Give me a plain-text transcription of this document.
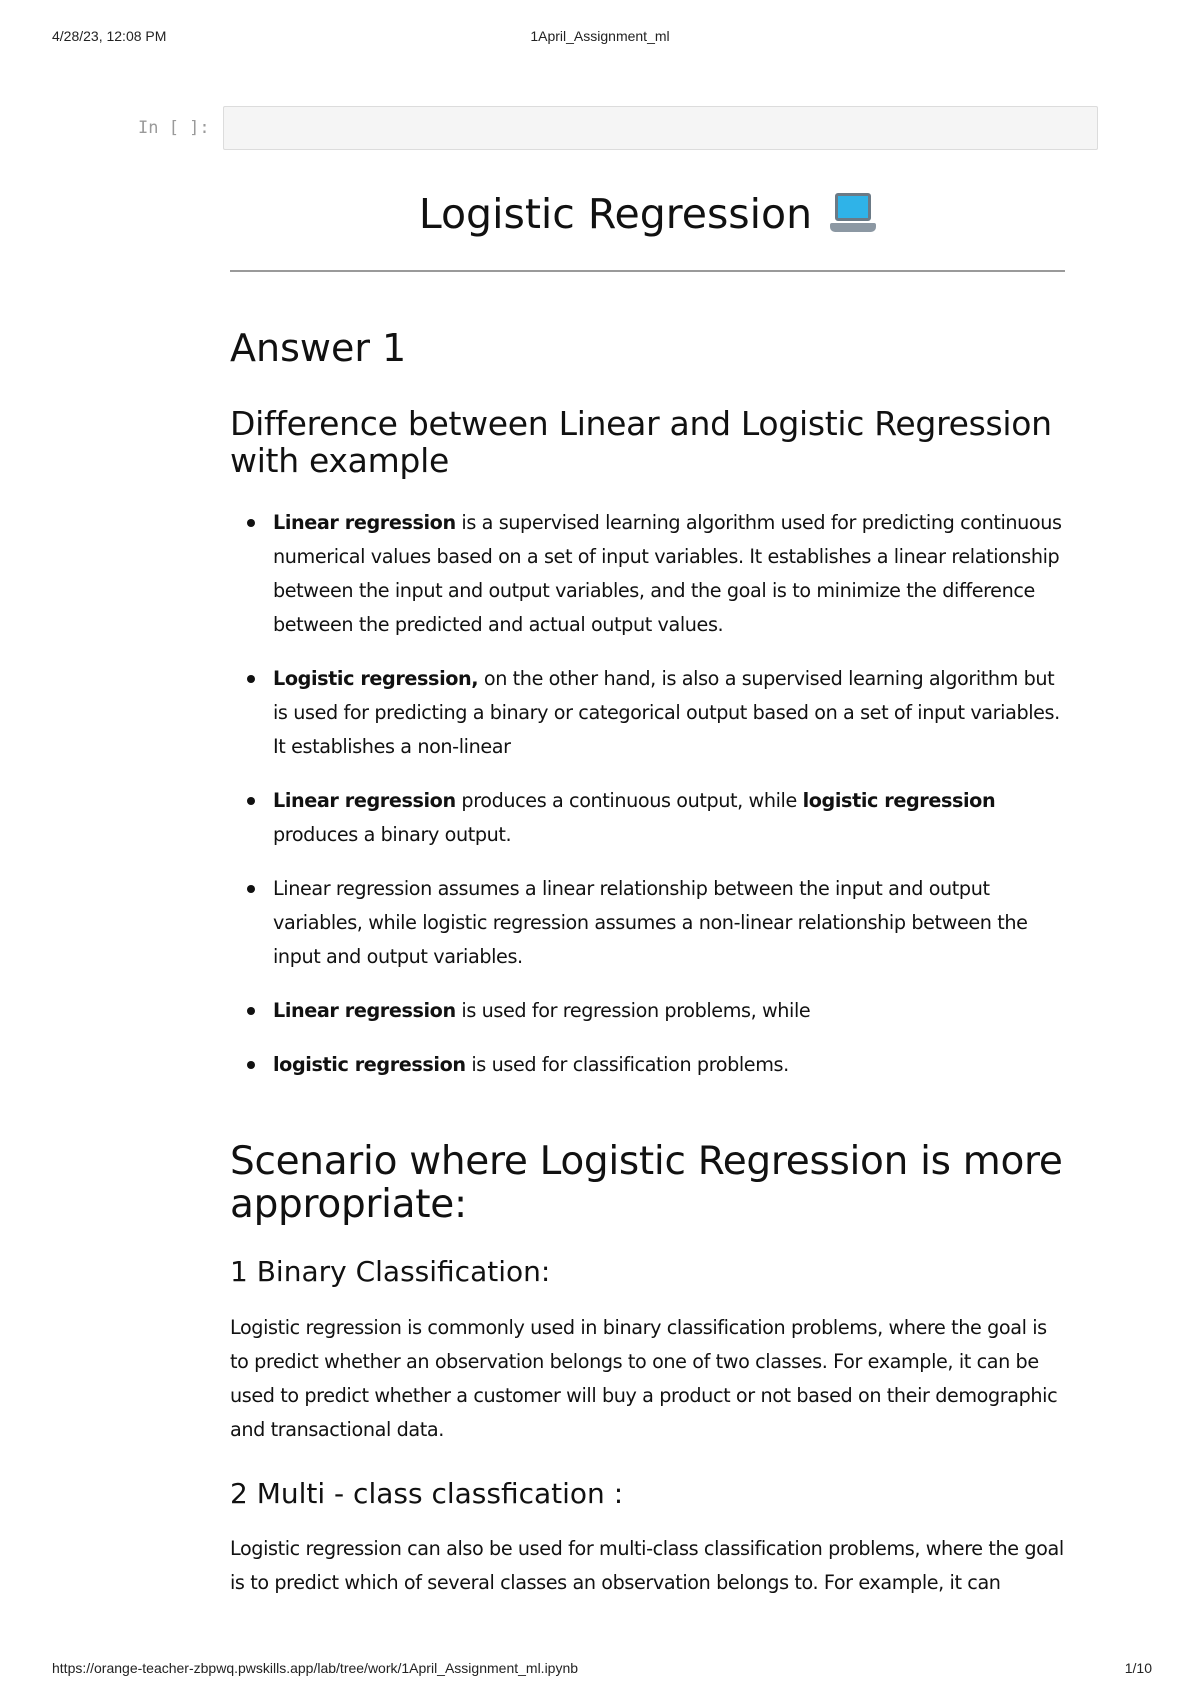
4/28/23, 12:08 PM	1April_Assignment_ml
In [ ]:
Logistic Regression
Answer 1
Difference between Linear and Logistic Regression with example
Linear regression is a supervised learning algorithm used for predicting continuous numerical values based on a set of input variables. It establishes a linear relationship between the input and output variables, and the goal is to minimize the difference between the predicted and actual output values.
Logistic regression, on the other hand, is also a supervised learning algorithm but is used for predicting a binary or categorical output based on a set of input variables. It establishes a non-linear
Linear regression produces a continuous output, while logistic regression produces a binary output.
Linear regression assumes a linear relationship between the input and output variables, while logistic regression assumes a non-linear relationship between the input and output variables.
Linear regression is used for regression problems, while
logistic regression is used for classification problems.
Scenario where Logistic Regression is more appropriate:
1 Binary Classification:

Logistic regression is commonly used in binary classification problems, where the goal is to predict whether an observation belongs to one of two classes. For example, it can be used to predict whether a customer will buy a product or not based on their demographic and transactional data.

2 Multi - class classfication :

Logistic regression can also be used for multi-class classification problems, where the goal is to predict which of several classes an observation belongs to. For example, it can

https://orange-teacher-zbpwq.pwskills.app/lab/tree/work/1April_Assignment_ml.ipynb	1/10
